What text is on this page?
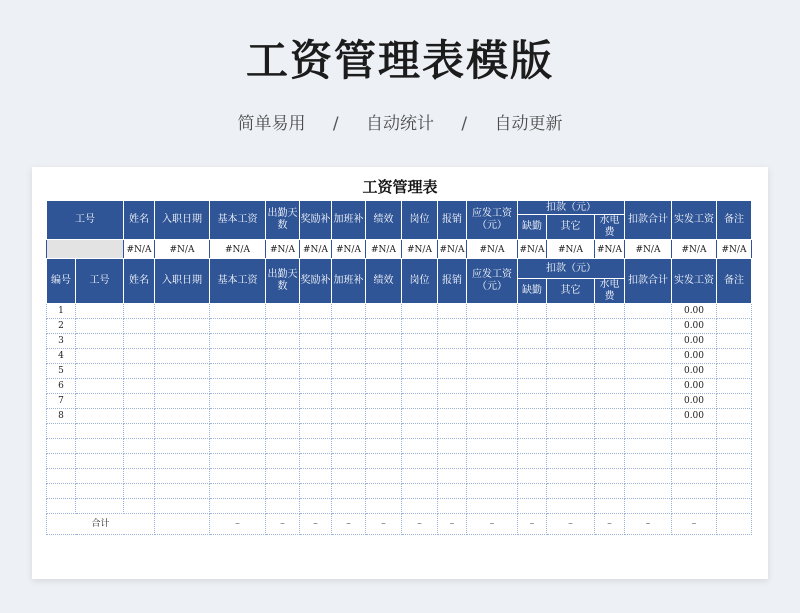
工资管理表模版
简单易用 / 自动统计 / 自动更新
工资管理表
工号	姓名	入职日期	基本工资	出勤天数	奖励补	加班补	绩效	岗位	报销	应发工资（元）	扣款（元）			扣款合计	实发工资	备注
											缺勤	其它	水电费			
	#N/A	#N/A	#N/A	#N/A	#N/A	#N/A	#N/A	#N/A	#N/A	#N/A	#N/A	#N/A	#N/A	#N/A	#N/A	#N/A
编号	工号	姓名	入职日期	基本工资	出勤天数	奖励补	加班补	绩效	岗位	报销	应发工资（元）	扣款（元）			扣款合计	实发工资	备注
												缺勤	其它	水电费			
1																0.00	
2																0.00	
3																0.00	
4																0.00	
5																0.00	
6																0.00	
7																0.00	
8																0.00	

合计				–	–	–	–	–	–	–	–	–	–	–	–	–	
